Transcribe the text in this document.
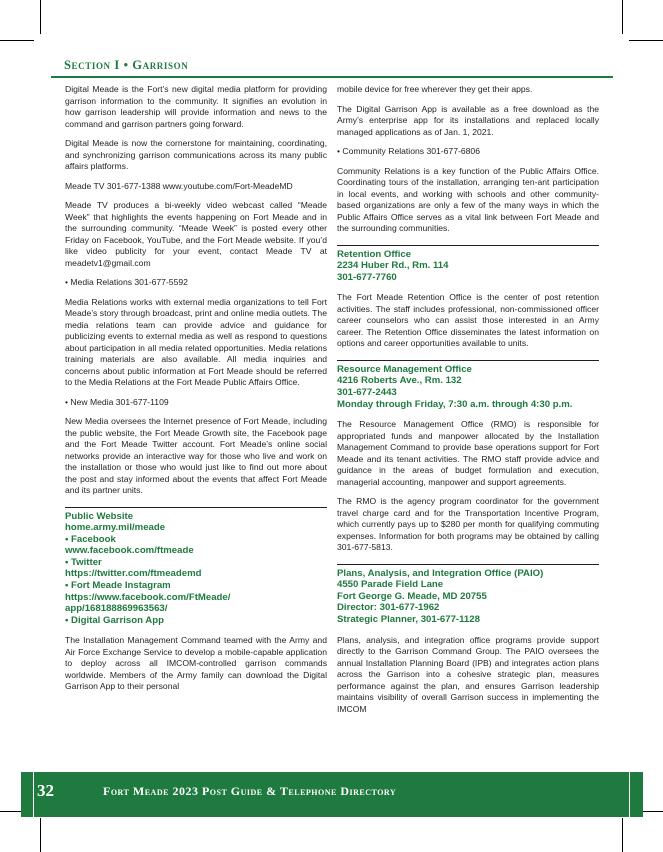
Section I • Garrison

Digital Meade is the Fort’s new digital media platform for providing garrison information to the community. It signifies an evolution in how garrison leadership will provide information and news to the command and garrison partners going forward.

Digital Meade is now the cornerstone for maintaining, coordinating, and synchronizing garrison communications across its many public affairs platforms.

Meade TV 301-677-1388 www.youtube.com/Fort-MeadeMD

Meade TV produces a bi-weekly video webcast called “Meade Week” that highlights the events happening on Fort Meade and in the surrounding community. “Meade Week” is posted every other Friday on Facebook, YouTube, and the Fort Meade website. If you’d like video publicity for your event, contact Meade TV at meadetv1@gmail.com

• Media Relations 301-677-5592

Media Relations works with external media organizations to tell Fort Meade’s story through broadcast, print and online media outlets. The media relations team can provide advice and guidance for publicizing events to external media as well as respond to questions about participation in all media related opportunities. Media relations training materials are also available. All media inquiries and concerns about public information at Fort Meade should be referred to the Media Relations at the Fort Meade Public Affairs Office.

• New Media 301-677-1109

New Media oversees the Internet presence of Fort Meade, including the public website, the Fort Meade Growth site, the Facebook page and the Fort Meade Twitter account. Fort Meade’s online social networks provide an interactive way for those who live and work on the installation or those who would just like to find out more about the post and stay informed about the events that affect Fort Meade and its partner units.

Public Website
home.army.mil/meade
• Facebook
www.facebook.com/ftmeade
• Twitter
https://twitter.com/ftmeademd
• Fort Meade Instagram
https://www.facebook.com/FtMeade/
app/168188869963563/
• Digital Garrison App

The Installation Management Command teamed with the Army and Air Force Exchange Service to develop a mobile-capable application to deploy across all IMCOM-controlled garrison commands worldwide. Members of the Army family can download the Digital Garrison App to their personal

mobile device for free wherever they get their apps.

The Digital Garrison App is available as a free download as the Army’s enterprise app for its installations and replaced locally managed applications as of Jan. 1, 2021.

• Community Relations 301-677-6806

Community Relations is a key function of the Public Affairs Office. Coordinating tours of the installation, arranging ten-ant participation in local events, and working with schools and other community-based organizations are only a few of the many ways in which the Public Affairs Office serves as a vital link between Fort Meade and the surrounding communities.

Retention Office
2234 Huber Rd., Rm. 114
301-677-7760

The Fort Meade Retention Office is the center of post retention activities. The staff includes professional, non-commissioned officer career counselors who can assist those interested in an Army career. The Retention Office disseminates the latest information on options and career opportunities available to units.

Resource Management Office
4216 Roberts Ave., Rm. 132
301-677-2443
Monday through Friday, 7:30 a.m. through 4:30 p.m.

The Resource Management Office (RMO) is responsible for appropriated funds and manpower allocated by the Installation Management Command to provide base operations support for Fort Meade and its tenant activities. The RMO staff provide advice and guidance in the areas of budget formulation and execution, managerial accounting, manpower and support agreements.

The RMO is the agency program coordinator for the government travel charge card and for the Transportation Incentive Program, which currently pays up to $280 per month for qualifying commuting expenses. Information for both programs may be obtained by calling 301-677-5813.

Plans, Analysis, and Integration Office (PAIO)
4550 Parade Field Lane
Fort George G. Meade, MD 20755
Director: 301-677-1962
Strategic Planner, 301-677-1128

Plans, analysis, and integration office programs provide support directly to the Garrison Command Group. The PAIO oversees the annual Installation Planning Board (IPB) and integrates action plans across the Garrison into a cohesive strategic plan, measures performance against the plan, and ensures Garrison leadership maintains visibility of overall Garrison success in implementing the IMCOM

32	Fort Meade 2023 Post Guide & Telephone Directory
